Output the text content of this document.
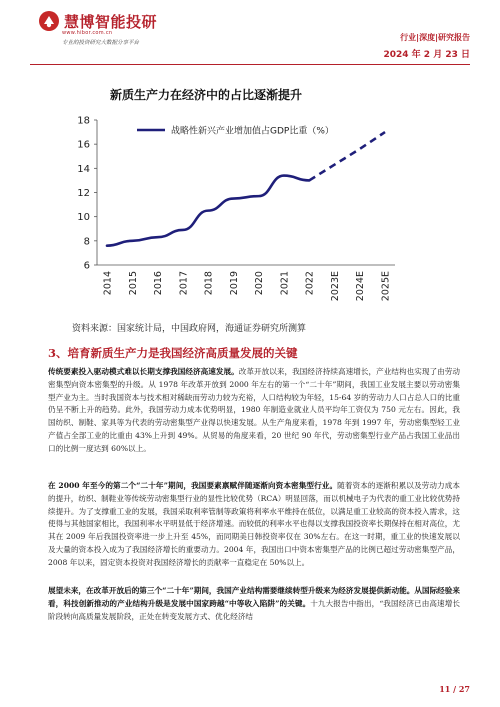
慧博智能投研
www.hibor.com.cn
专业的投资研究大数据分享平台
行业|深度|研究报告
2024 年 2 月 23 日
新质生产力在经济中的占比逐渐提升
6
8
10
12
14
16
18
2014 2015 2016 2017 2018 2019 2020 2021 2022 2023E 2024E 2025E
战略性新兴产业增加值占GDP比重（%）
资料来源：国家统计局，中国政府网，海通证券研究所测算
3、培育新质生产力是我国经济高质量发展的关键
传统要素投入驱动模式难以长期支撑我国经济高速发展。改革开放以来，我国经济持续高速增长，产业结构也实现了由劳动密集型向资本密集型的升级。从 1978 年改革开放到 2000 年左右的第一个“二十年”期间，我国工业发展主要以劳动密集型产业为主。当时我国资本与技术相对稀缺而劳动力较为充裕，人口结构较为年轻，15-64 岁的劳动力人口占总人口的比重仍呈不断上升的趋势。此外，我国劳动力成本优势明显，1980 年制造业就业人员平均年工资仅为 750 元左右。因此，我国纺织、制鞋、家具等为代表的劳动密集型产业得以快速发展。从生产角度来看，1978 年到 1997 年，劳动密集型轻工业产值占全部工业的比重由 43%上升到 49%。从贸易的角度来看，20 世纪 90 年代，劳动密集型行业产品占我国工业品出口的比例一度达到 60%以上。
在 2000 年至今的第二个“二十年”期间，我国要素禀赋伴随逐渐向资本密集型行业。随着资本的逐渐积累以及劳动力成本的提升，纺织、制鞋业等传统劳动密集型行业的显性比较优势（RCA）明显回落，而以机械电子为代表的重工业比较优势持续提升。为了支撑重工业的发展，我国采取利率管制等政策将利率水平维持在低位，以满足重工业较高的资本投入需求，这使得与其他国家相比，我国利率水平明显低于经济增速。而较低的利率水平也得以支撑我国投资率长期保持在相对高位，尤其在 2009 年后我国投资率进一步上升至 45%，而同期美日韩投资率仅在 30%左右。在这一时期，重工业的快速发展以及大量的资本投入成为了我国经济增长的重要动力。2004 年，我国出口中资本密集型产品的比例已超过劳动密集型产品，2008 年以来，固定资本投资对我国经济增长的贡献率一直稳定在 50%以上。
展望未来，在改革开放后的第三个“二十年”期间，我国产业结构需要继续转型升级来为经济发展提供新动能。从国际经验来看，科技创新推动的产业结构升级是发展中国家跨越“中等收入陷阱”的关键。十九大报告中指出，“我国经济已由高速增长阶段转向高质量发展阶段，正处在转变发展方式、优化经济结
11 / 27
